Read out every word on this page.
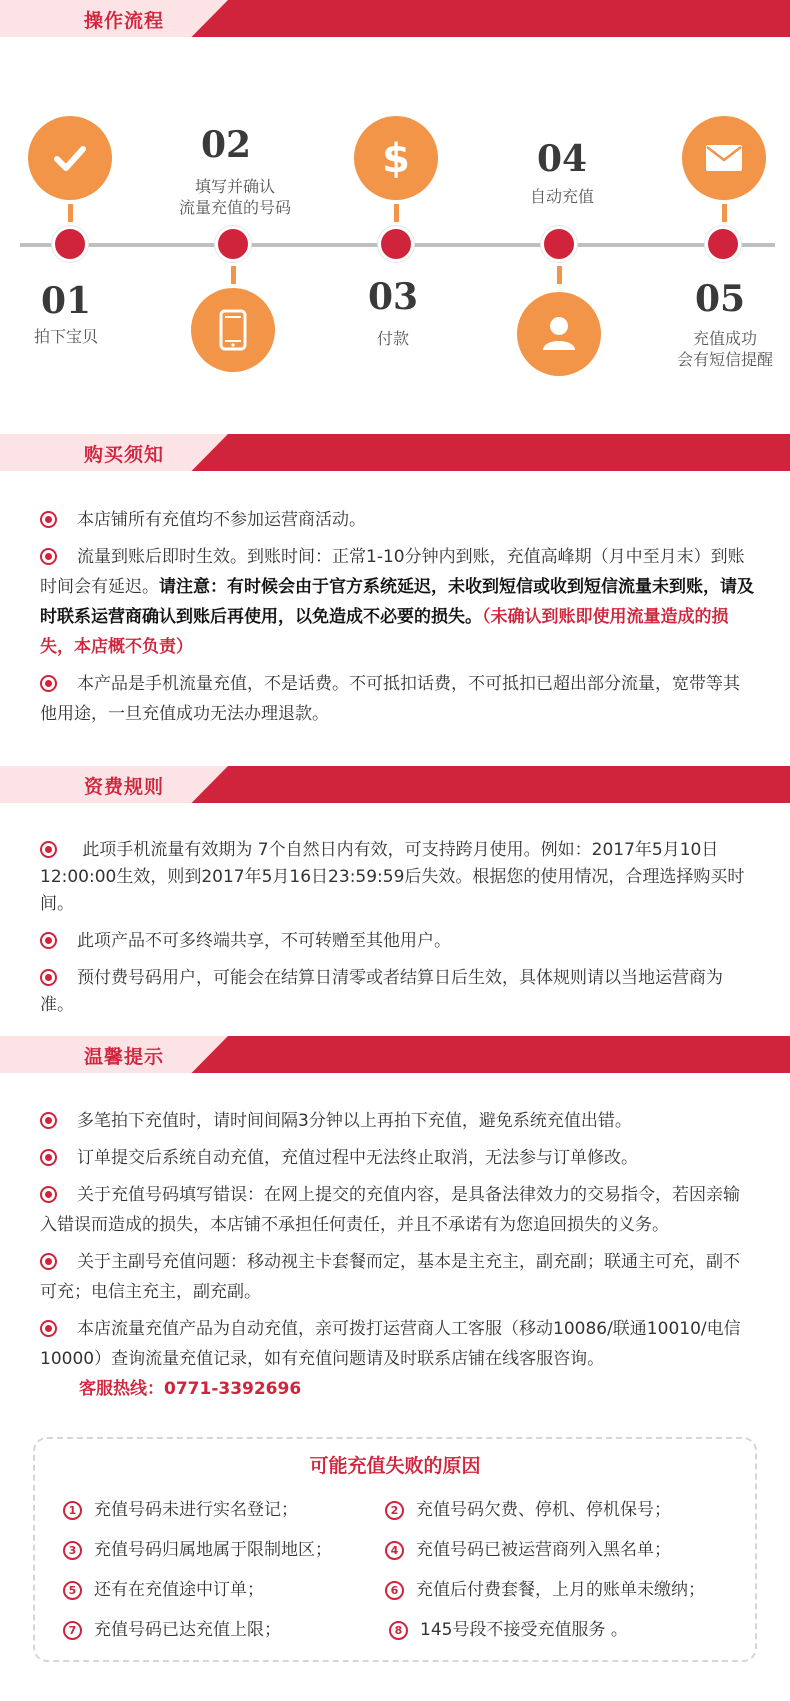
操作流程
01
拍下宝贝
02
填写并确认
流量充值的号码
$
03
付款
04
自动充值
05
充值成功
会有短信提醒
购买须知
本店铺所有充值均不参加运营商活动。
流量到账后即时生效。到账时间：正常1-10分钟内到账，充值高峰期（月中至月末）到账时间会有延迟。请注意：有时候会由于官方系统延迟，未收到短信或收到短信流量未到账，请及时联系运营商确认到账后再使用，以免造成不必要的损失。（未确认到账即使用流量造成的损失，本店概不负责）
本产品是手机流量充值，不是话费。不可抵扣话费，不可抵扣已超出部分流量，宽带等其他用途，一旦充值成功无法办理退款。
资费规则
此项手机流量有效期为 7个自然日内有效，可支持跨月使用。例如：2017年5月10日12:00:00生效，则到2017年5月16日23:59:59后失效。根据您的使用情况，合理选择购买时间。
此项产品不可多终端共享，不可转赠至其他用户。
预付费号码用户，可能会在结算日清零或者结算日后生效，具体规则请以当地运营商为准。
温馨提示
多笔拍下充值时，请时间间隔3分钟以上再拍下充值，避免系统充值出错。
订单提交后系统自动充值，充值过程中无法终止取消，无法参与订单修改。
关于充值号码填写错误：在网上提交的充值内容，是具备法律效力的交易指令，若因亲输入错误而造成的损失，本店铺不承担任何责任，并且不承诺有为您追回损失的义务。
关于主副号充值问题：移动视主卡套餐而定，基本是主充主，副充副；联通主可充，副不可充；电信主充主，副充副。
本店流量充值产品为自动充值，亲可拨打运营商人工客服（移动10086/联通10010/电信10000）查询流量充值记录，如有充值问题请及时联系店铺在线客服咨询。
客服热线：0771-3392696
可能充值失败的原因
1 充值号码未进行实名登记；	2 充值号码欠费、停机、停机保号；
3 充值号码归属地属于限制地区；	4 充值号码已被运营商列入黑名单；
5 还有在充值途中订单；	6 充值后付费套餐，上月的账单未缴纳；
7 充值号码已达充值上限；	8 145号段不接受充值服务 。
